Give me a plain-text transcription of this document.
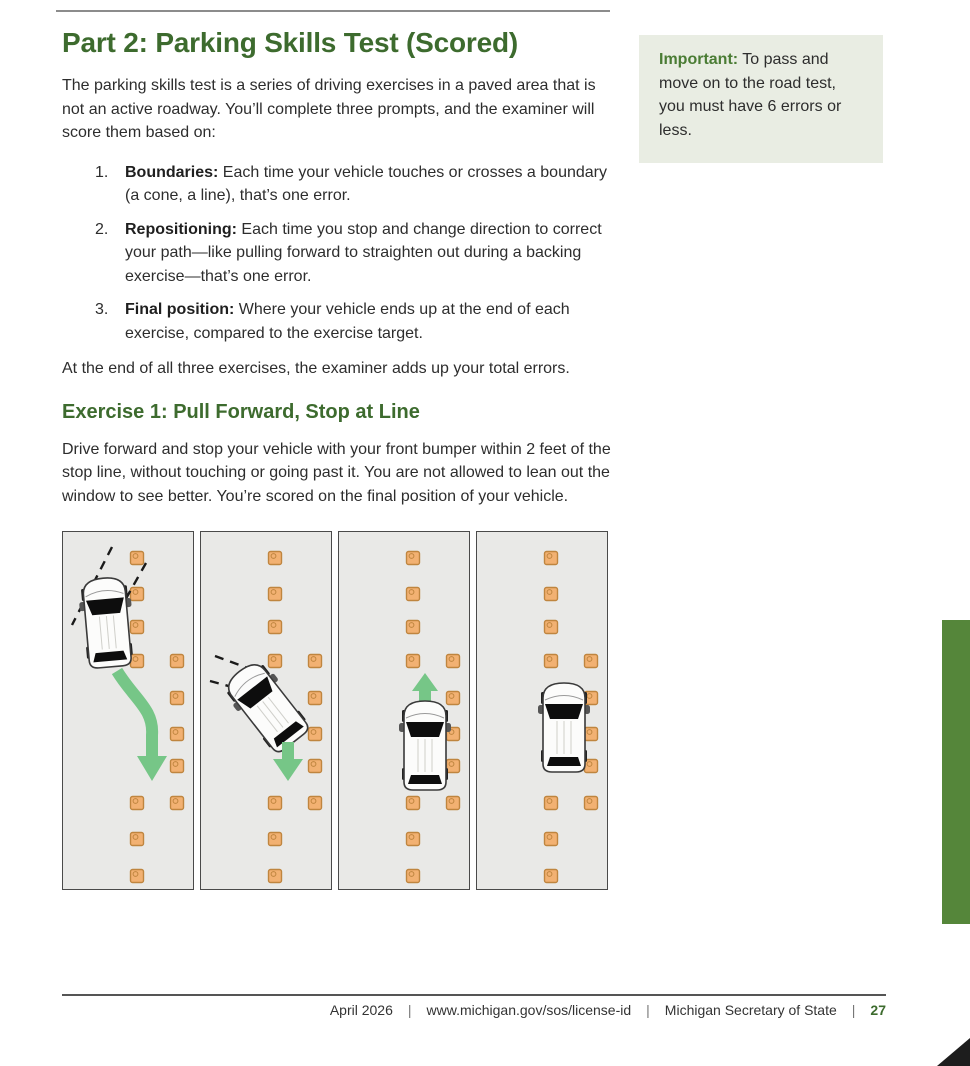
Part 2: Parking Skills Test (Scored)

The parking skills test is a series of driving exercises in a paved area that is not an active roadway. You’ll complete three prompts, and the examiner will score them based on:

1.	Boundaries: Each time your vehicle touches or crosses a boundary (a cone, a line), that’s one error.
2.	Repositioning: Each time you stop and change direction to correct your path—like pulling forward to straighten out during a backing exercise—that’s one error.
3.	Final position: Where your vehicle ends up at the end of each exercise, compared to the exercise target.

At the end of all three exercises, the examiner adds up your total errors.

Exercise 1: Pull Forward, Stop at Line

Drive forward and stop your vehicle with your front bumper within 2 feet of the stop line, without touching or going past it. You are not allowed to lean out the window to see better. You’re scored on the final position of your vehicle.

Important: To pass and move on to the road test, you must have 6 errors or less.
April 2026 | www.michigan.gov/sos/license-id | Michigan Secretary of State | 27
